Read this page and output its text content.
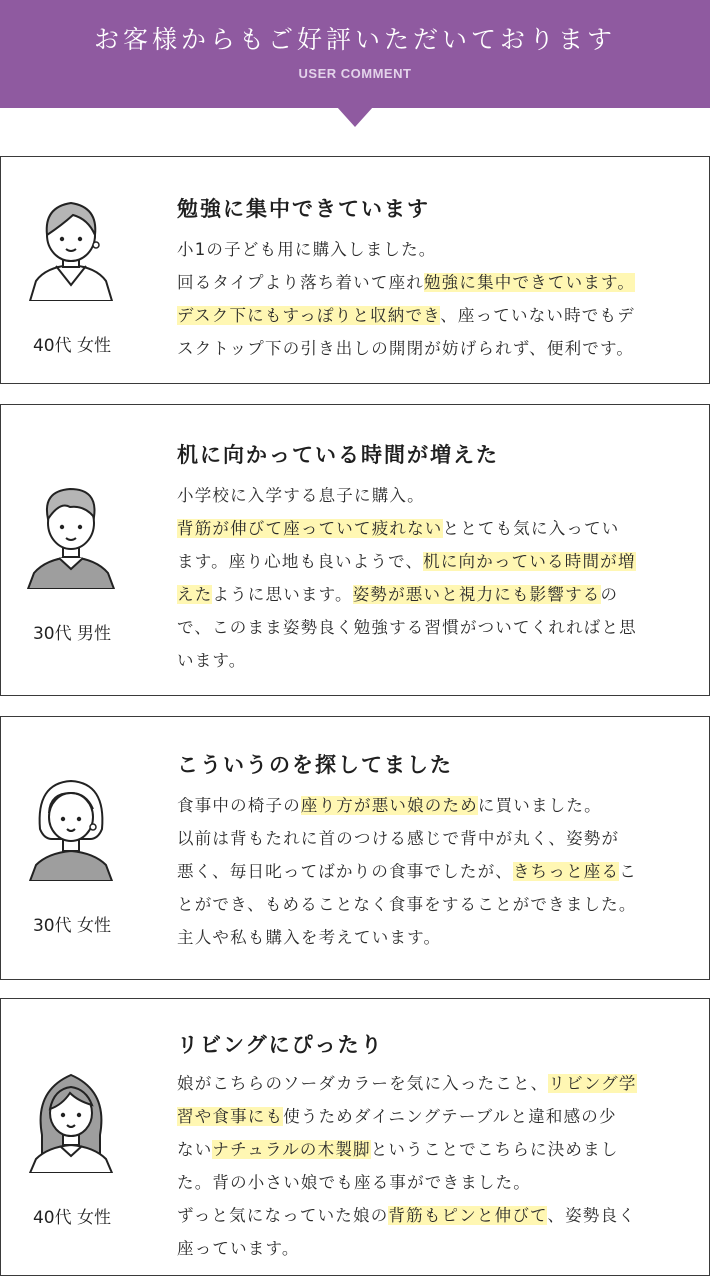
お客様からもご好評いただいております
USER COMMENT
40代 女性
勉強に集中できています
小1の子ども用に購入しました。
回るタイプより落ち着いて座れ勉強に集中できています。
デスク下にもすっぽりと収納でき、座っていない時でもデ
スクトップ下の引き出しの開閉が妨げられず、便利です。
30代 男性
机に向かっている時間が増えた
小学校に入学する息子に購入。
背筋が伸びて座っていて疲れないととても気に入ってい
ます。座り心地も良いようで、机に向かっている時間が増
えたように思います。姿勢が悪いと視力にも影響するの
で、このまま姿勢良く勉強する習慣がついてくれればと思
います。
30代 女性
こういうのを探してました
食事中の椅子の座り方が悪い娘のために買いました。
以前は背もたれに首のつける感じで背中が丸く、姿勢が
悪く、毎日叱ってばかりの食事でしたが、きちっと座るこ
とができ、もめることなく食事をすることができました。
主人や私も購入を考えています。
40代 女性
リビングにぴったり
娘がこちらのソーダカラーを気に入ったこと、リビング学
習や食事にも使うためダイニングテーブルと違和感の少
ないナチュラルの木製脚ということでこちらに決めまし
た。背の小さい娘でも座る事ができました。
ずっと気になっていた娘の背筋もピンと伸びて、姿勢良く
座っています。
